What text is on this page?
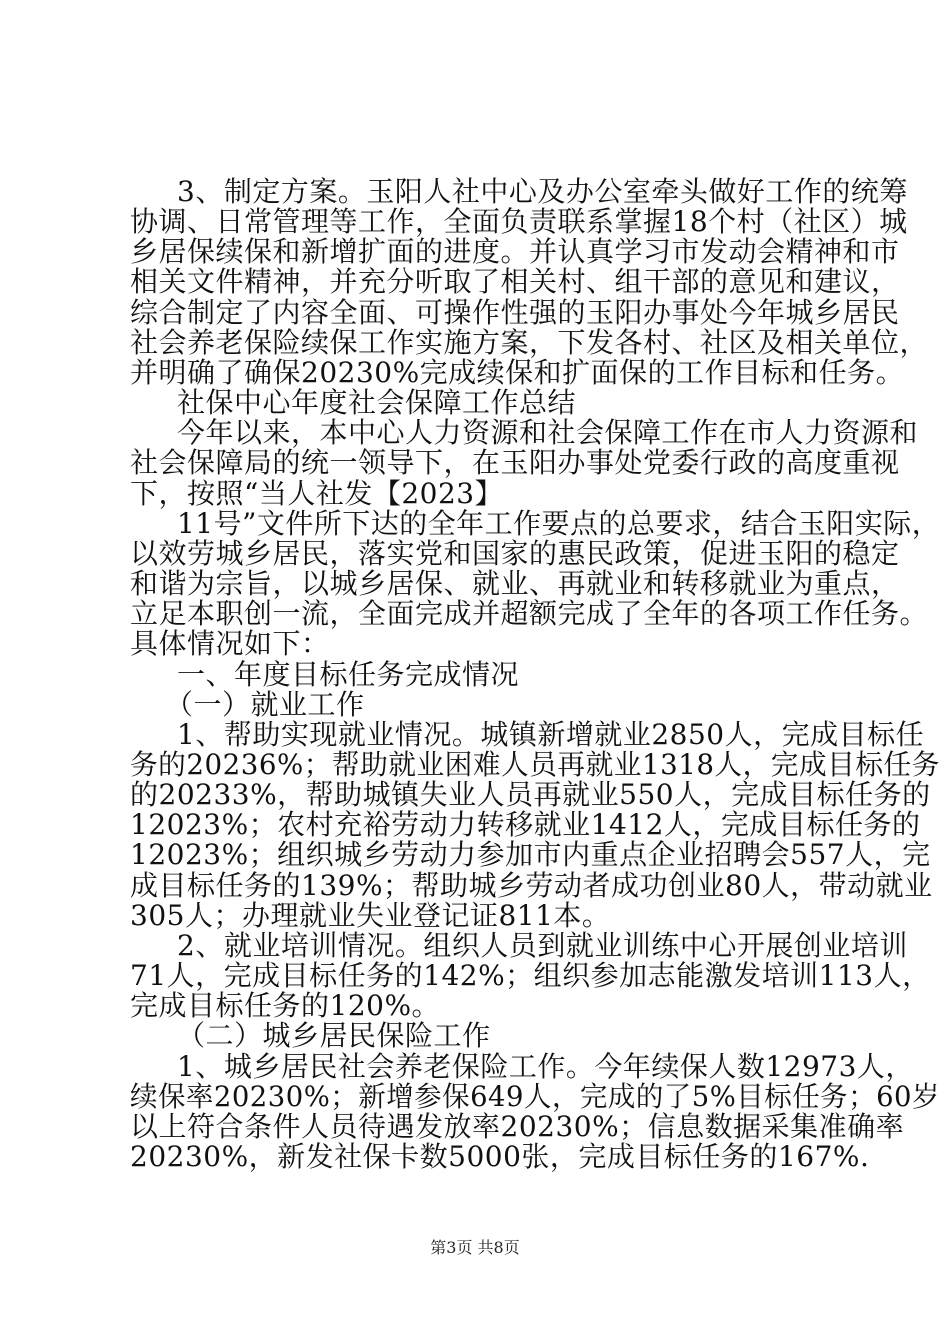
3、制定方案。玉阳人社中心及办公室牵头做好工作的统筹
协调、日常管理等工作，全面负责联系掌握18个村（社区）城
乡居保续保和新增扩面的进度。并认真学习市发动会精神和市
相关文件精神，并充分听取了相关村、组干部的意见和建议，
综合制定了内容全面、可操作性强的玉阳办事处今年城乡居民
社会养老保险续保工作实施方案，下发各村、社区及相关单位，
并明确了确保20230%完成续保和扩面保的工作目标和任务。
社保中心年度社会保障工作总结
今年以来，本中心人力资源和社会保障工作在市人力资源和
社会保障局的统一领导下，在玉阳办事处党委行政的高度重视
下，按照“当人社发【2023】
11号”文件所下达的全年工作要点的总要求，结合玉阳实际，
以效劳城乡居民，落实党和国家的惠民政策，促进玉阳的稳定
和谐为宗旨，以城乡居保、就业、再就业和转移就业为重点，
立足本职创一流，全面完成并超额完成了全年的各项工作任务。
具体情况如下：
一、年度目标任务完成情况
（一）就业工作
1、帮助实现就业情况。城镇新增就业2850人，完成目标任
务的20236%；帮助就业困难人员再就业1318人，完成目标任务
的20233%，帮助城镇失业人员再就业550人，完成目标任务的
12023%；农村充裕劳动力转移就业1412人，完成目标任务的
12023%；组织城乡劳动力参加市内重点企业招聘会557人，完
成目标任务的139%；帮助城乡劳动者成功创业80人，带动就业
305人；办理就业失业登记证811本。
2、就业培训情况。组织人员到就业训练中心开展创业培训
71人，完成目标任务的142%；组织参加志能激发培训113人，
完成目标任务的120%。
（二）城乡居民保险工作
1、城乡居民社会养老保险工作。今年续保人数12973人，
续保率20230%；新增参保649人，完成的了5%目标任务；60岁
以上符合条件人员待遇发放率20230%；信息数据采集准确率
20230%，新发社保卡数5000张，完成目标任务的167%.
第3页 共8页
